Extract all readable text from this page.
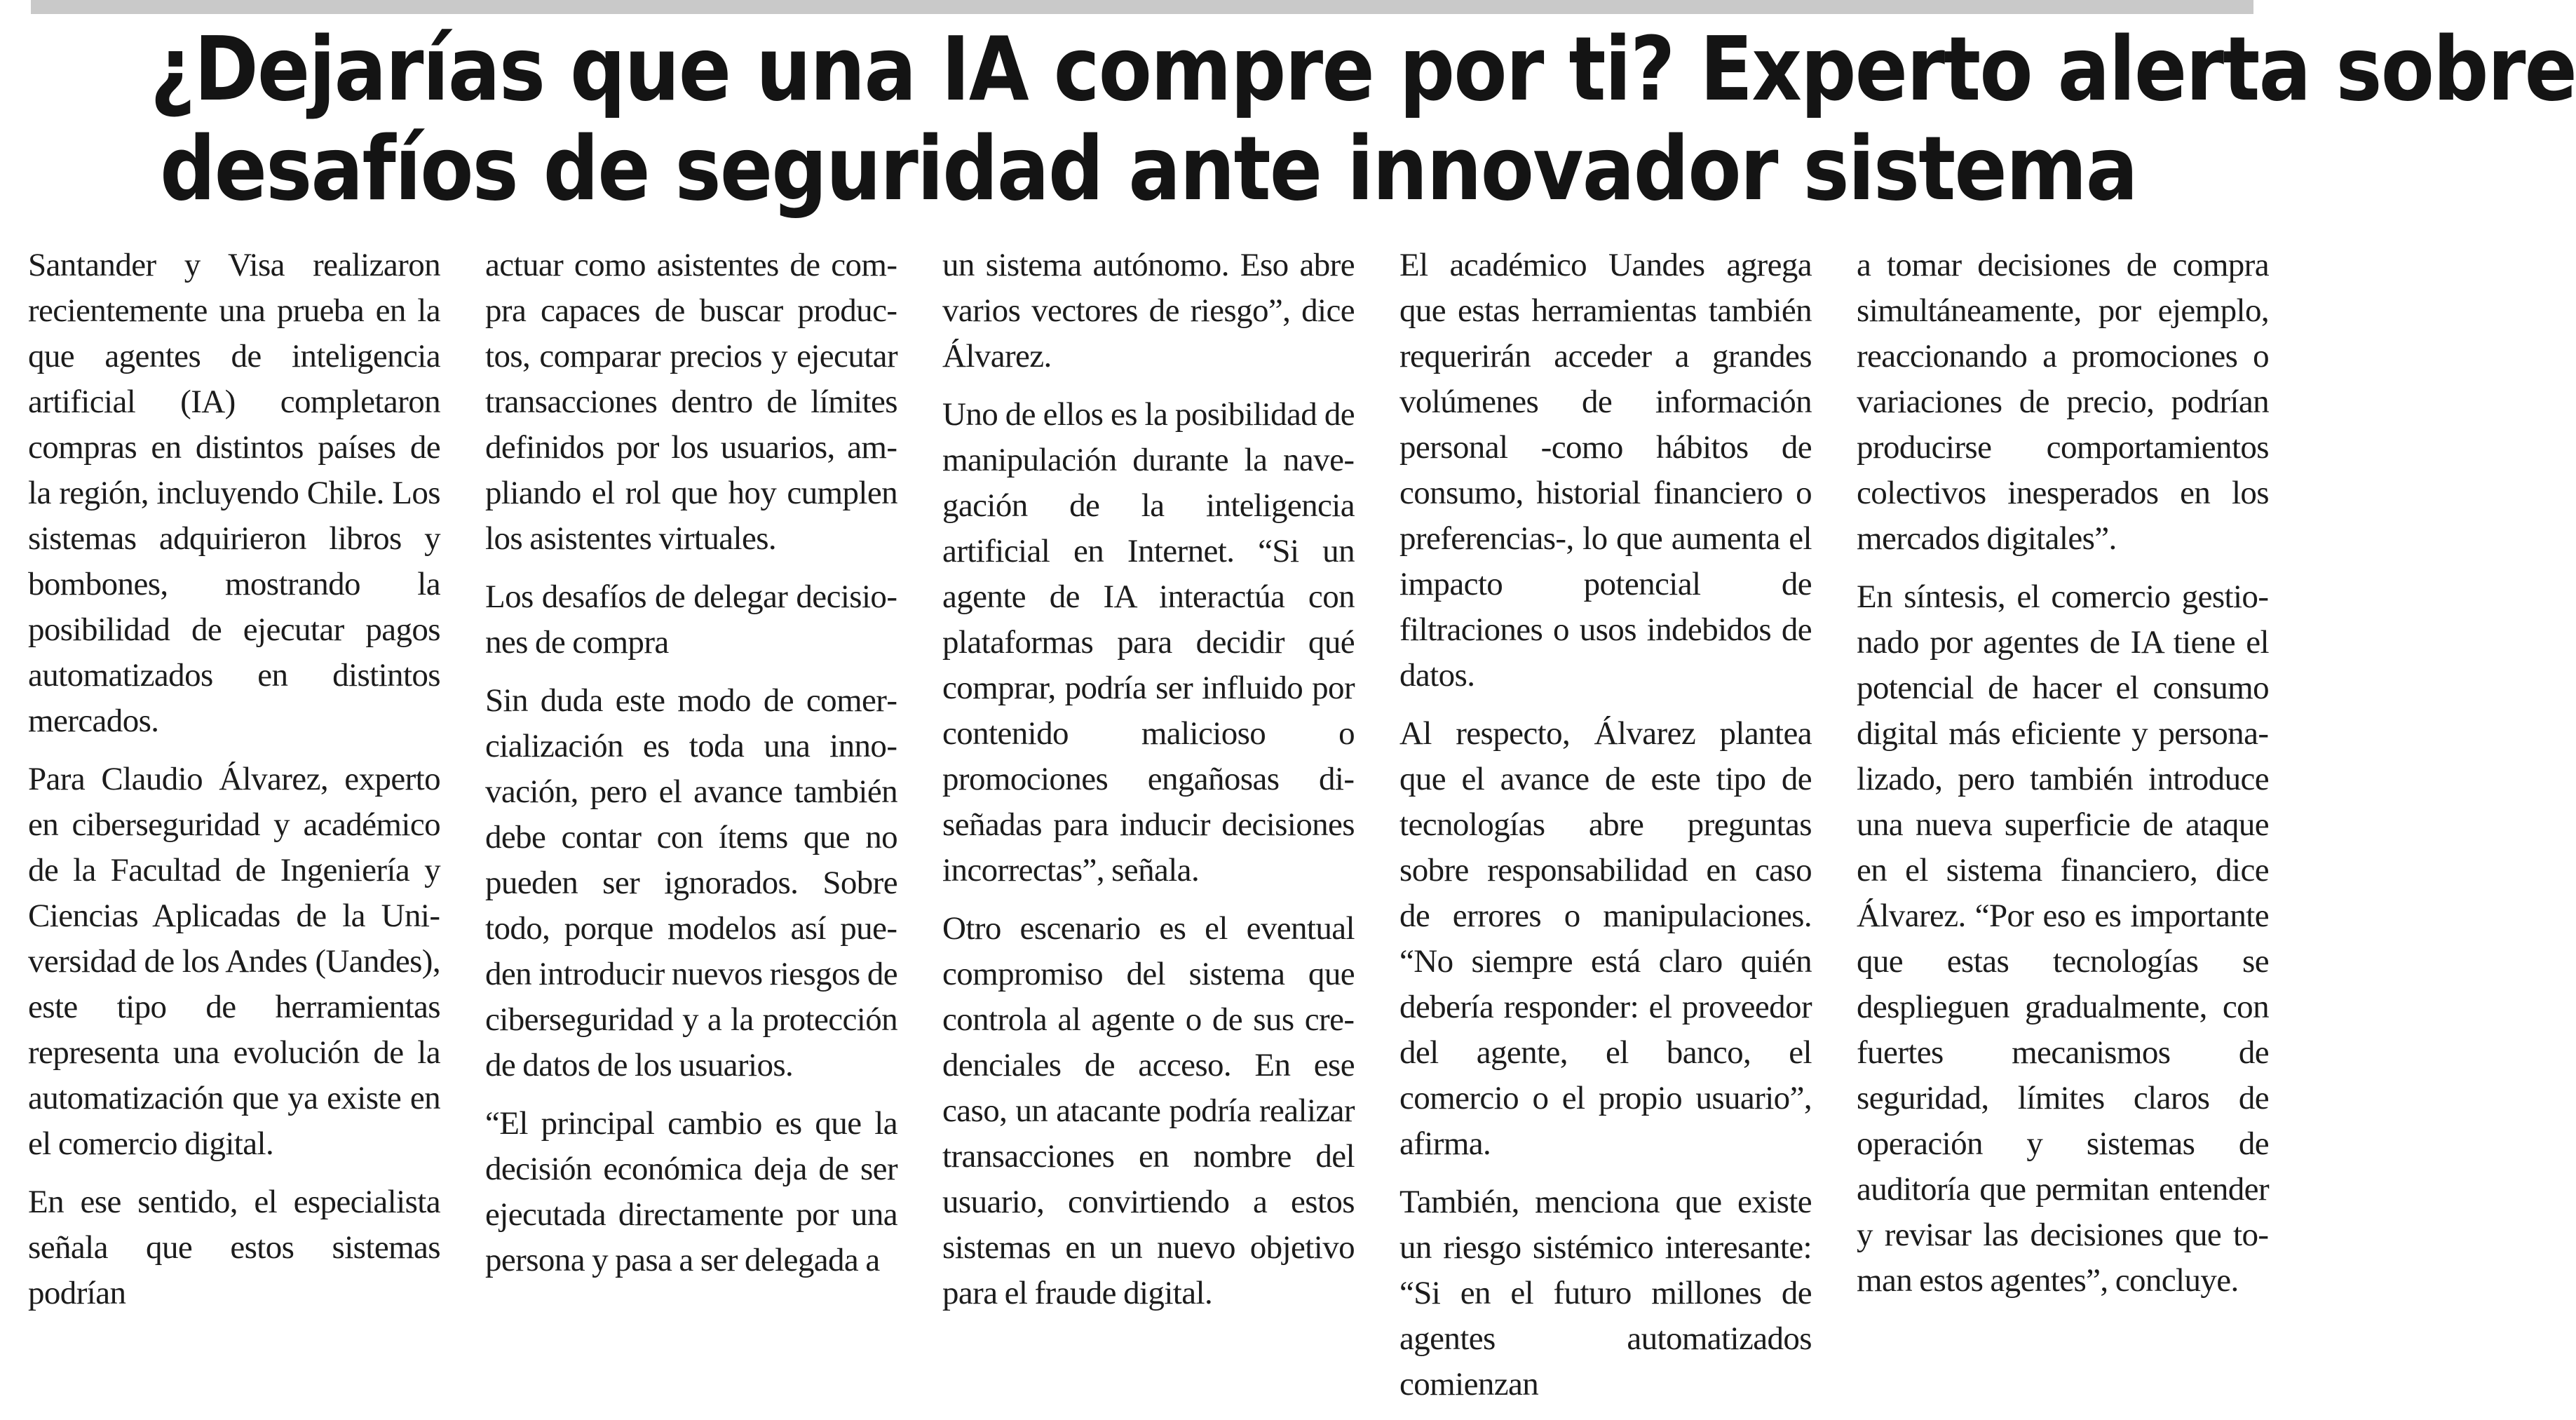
¿Dejarías que una IA compre por ti? Experto alerta sobre
desafíos de seguridad ante innovador sistema

Santander y Visa realizaron recientemente una prueba en la que agentes de inteligencia artificial (IA) completaron compras en distintos países de la región, incluyendo Chile. Los sistemas adquirieron libros y bombones, mostrando la posibilidad de ejecutar pagos automatizados en distintos mercados.

Para Claudio Álvarez, experto en ciberseguridad y académico de la Facultad de Ingeniería y Ciencias Aplicadas de la Universidad de los Andes (Uandes), este tipo de herramientas representa una evolución de la automatización que ya existe en el comercio digital.

En ese sentido, el especialista señala que estos sistemas podrían

actuar como asistentes de compra capaces de buscar productos, comparar precios y ejecutar transacciones dentro de límites definidos por los usuarios, ampliando el rol que hoy cumplen los asistentes virtuales.

Los desafíos de delegar decisiones de compra

Sin duda este modo de comercialización es toda una innovación, pero el avance también debe contar con ítems que no pueden ser ignorados. Sobre todo, porque modelos así pueden introducir nuevos riesgos de ciberseguridad y a la protección de datos de los usuarios.

“El principal cambio es que la decisión económica deja de ser ejecutada directamente por una persona y pasa a ser delegada a

un sistema autónomo. Eso abre varios vectores de riesgo”, dice Álvarez.

Uno de ellos es la posibilidad de manipulación durante la navegación de la inteligencia artificial en Internet. “Si un agente de IA interactúa con plataformas para decidir qué comprar, podría ser influido por contenido malicioso o promociones engañosas diseñadas para inducir decisiones incorrectas”, señala.

Otro escenario es el eventual compromiso del sistema que controla al agente o de sus credenciales de acceso. En ese caso, un atacante podría realizar transacciones en nombre del usuario, convirtiendo a estos sistemas en un nuevo objetivo para el fraude digital.

El académico Uandes agrega que estas herramientas también requerirán acceder a grandes volúmenes de información personal -como hábitos de consumo, historial financiero o preferencias-, lo que aumenta el impacto potencial de filtraciones o usos indebidos de datos.

Al respecto, Álvarez plantea que el avance de este tipo de tecnologías abre preguntas sobre responsabilidad en caso de errores o manipulaciones. “No siempre está claro quién debería responder: el proveedor del agente, el banco, el comercio o el propio usuario”, afirma.

También, menciona que existe un riesgo sistémico interesante: “Si en el futuro millones de agentes automatizados comienzan

a tomar decisiones de compra simultáneamente, por ejemplo, reaccionando a promociones o variaciones de precio, podrían producirse comportamientos colectivos inesperados en los mercados digitales”.

En síntesis, el comercio gestionado por agentes de IA tiene el potencial de hacer el consumo digital más eficiente y personalizado, pero también introduce una nueva superficie de ataque en el sistema financiero, dice Álvarez. “Por eso es importante que estas tecnologías se desplieguen gradualmente, con fuertes mecanismos de seguridad, límites claros de operación y sistemas de auditoría que permitan entender y revisar las decisiones que toman estos agentes”, concluye.
